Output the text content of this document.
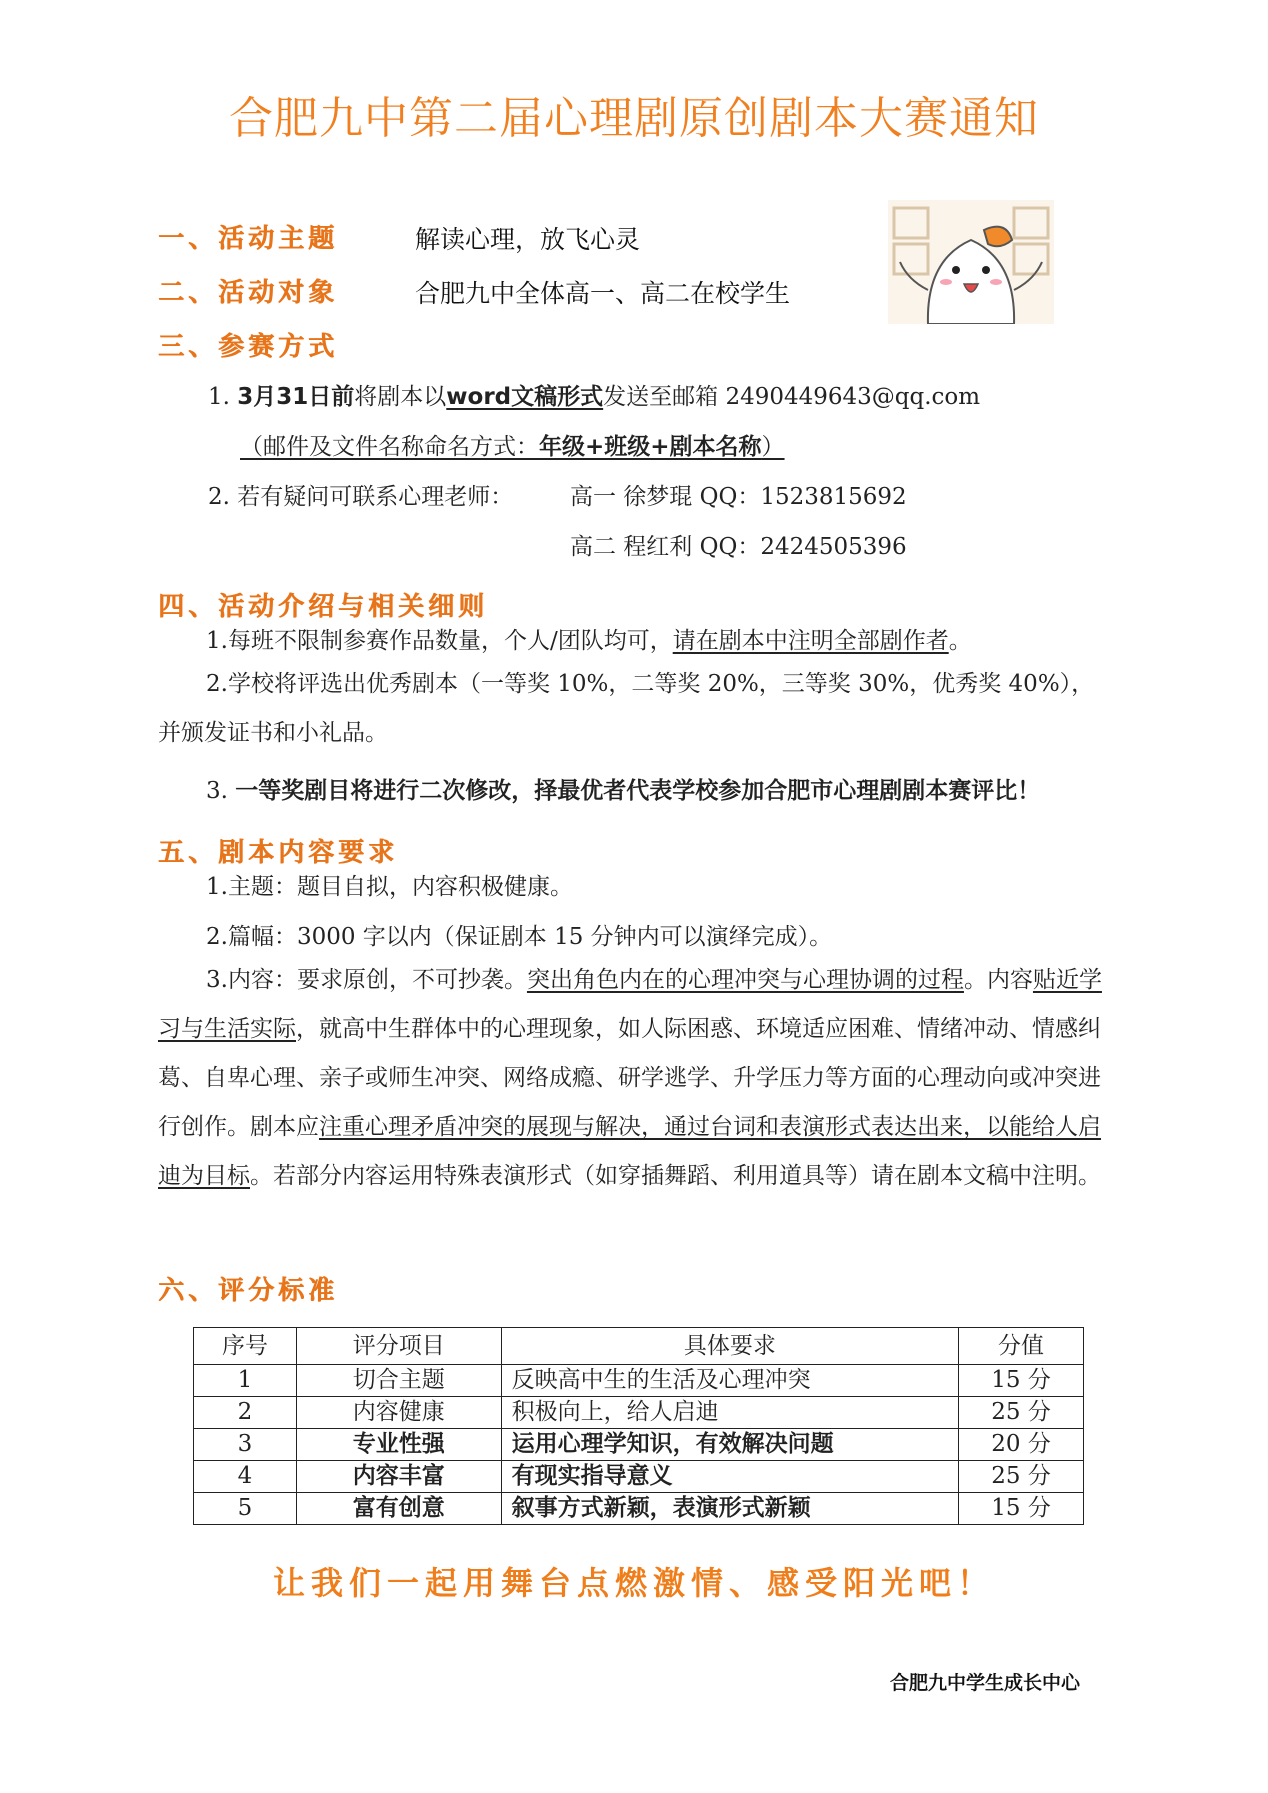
合肥九中第二届心理剧原创剧本大赛通知
一、活动主题	解读心理，放飞心灵
二、活动对象	合肥九中全体高一、高二在校学生
三、参赛方式
1. 3月31日前将剧本以word文稿形式发送至邮箱 2490449643@qq.com
（邮件及文件名称命名方式：年级+班级+剧本名称）
2. 若有疑问可联系心理老师： 高一 徐梦琨 QQ：1523815692
高二 程红利 QQ：2424505396
四、活动介绍与相关细则
1.每班不限制参赛作品数量，个人/团队均可，请在剧本中注明全部剧作者。
2.学校将评选出优秀剧本（一等奖 10%，二等奖 20%，三等奖 30%，优秀奖 40%），并颁发证书和小礼品。
3. 一等奖剧目将进行二次修改，择最优者代表学校参加合肥市心理剧剧本赛评比！
五、剧本内容要求
1.主题：题目自拟，内容积极健康。
2.篇幅：3000 字以内（保证剧本 15 分钟内可以演绎完成）。
3.内容：要求原创，不可抄袭。突出角色内在的心理冲突与心理协调的过程。内容贴近学习与生活实际，就高中生群体中的心理现象，如人际困惑、环境适应困难、情绪冲动、情感纠葛、自卑心理、亲子或师生冲突、网络成瘾、研学逃学、升学压力等方面的心理动向或冲突进行创作。剧本应注重心理矛盾冲突的展现与解决，通过台词和表演形式表达出来，以能给人启迪为目标。若部分内容运用特殊表演形式（如穿插舞蹈、利用道具等）请在剧本文稿中注明。
六、评分标准
序号	评分项目	具体要求	分值
1	切合主题	反映高中生的生活及心理冲突	15 分
2	内容健康	积极向上，给人启迪	25 分
3	专业性强	运用心理学知识，有效解决问题	20 分
4	内容丰富	有现实指导意义	25 分
5	富有创意	叙事方式新颖，表演形式新颖	15 分
让我们一起用舞台点燃激情、感受阳光吧！
合肥九中学生成长中心
